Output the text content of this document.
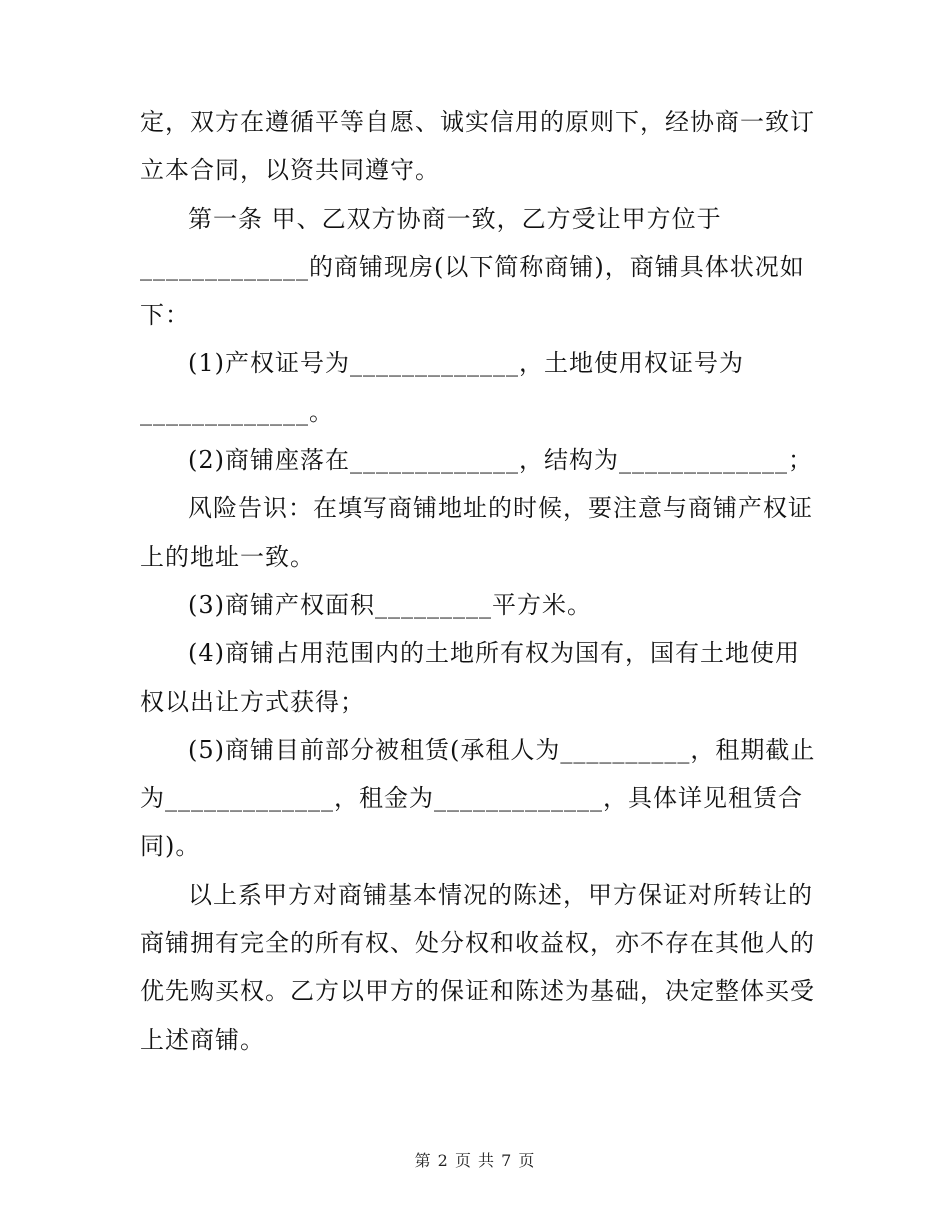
定，双方在遵循平等自愿、诚实信用的原则下，经协商一致订
立本合同，以资共同遵守。
第一条 甲、乙双方协商一致，乙方受让甲方位于
_____________的商铺现房(以下简称商铺)，商铺具体状况如
下：
(1)产权证号为_____________，土地使用权证号为
_____________。
(2)商铺座落在_____________，结构为_____________；
风险告识：在填写商铺地址的时候，要注意与商铺产权证
上的地址一致。
(3)商铺产权面积_________平方米。
(4)商铺占用范围内的土地所有权为国有，国有土地使用
权以出让方式获得；
(5)商铺目前部分被租赁(承租人为__________，租期截止
为_____________，租金为_____________，具体详见租赁合
同)。
以上系甲方对商铺基本情况的陈述，甲方保证对所转让的
商铺拥有完全的所有权、处分权和收益权，亦不存在其他人的
优先购买权。乙方以甲方的保证和陈述为基础，决定整体买受
上述商铺。
第 2 页 共 7 页
